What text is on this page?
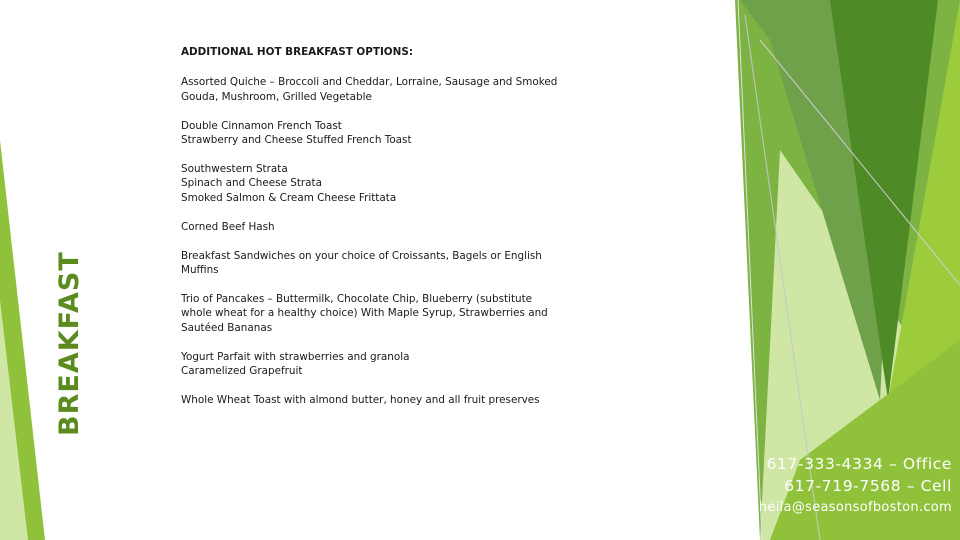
BREAKFAST
ADDITIONAL HOT BREAKFAST OPTIONS:
Assorted Quiche – Broccoli and Cheddar, Lorraine, Sausage and Smoked
Gouda, Mushroom, Grilled Vegetable
Double Cinnamon French Toast
Strawberry and Cheese Stuffed French Toast
Southwestern Strata
Spinach and Cheese Strata
Smoked Salmon & Cream Cheese Frittata
Corned Beef Hash
Breakfast Sandwiches on your choice of Croissants, Bagels or English Muffins
Trio of Pancakes – Buttermilk, Chocolate Chip, Blueberry (substitute whole wheat for a healthy choice) With Maple Syrup, Strawberries and Sautéed Bananas
Yogurt Parfait with strawberries and granola
Caramelized Grapefruit
Whole Wheat Toast with almond butter, honey and all fruit preserves
617-333-4334 – Office
617-719-7568 – Cell
Sheila@seasonsofboston.com
